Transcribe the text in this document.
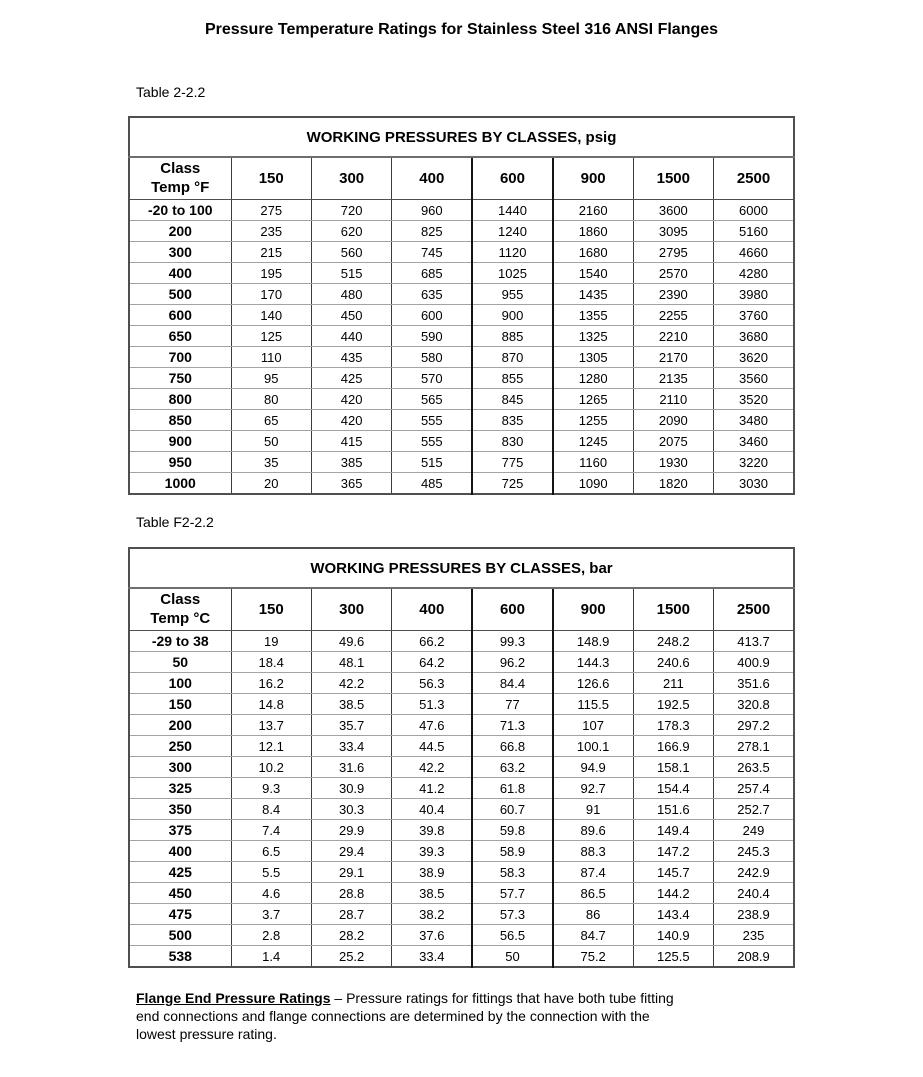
Pressure Temperature Ratings for Stainless Steel 316 ANSI Flanges
Table 2-2.2
WORKING PRESSURES BY CLASSES, psig							
Class
Temp °F	150	300	400	600	900	1500	2500
-20 to 100	275	720	960	1440	2160	3600	6000
200	235	620	825	1240	1860	3095	5160
300	215	560	745	1120	1680	2795	4660
400	195	515	685	1025	1540	2570	4280
500	170	480	635	955	1435	2390	3980
600	140	450	600	900	1355	2255	3760
650	125	440	590	885	1325	2210	3680
700	110	435	580	870	1305	2170	3620
750	95	425	570	855	1280	2135	3560
800	80	420	565	845	1265	2110	3520
850	65	420	555	835	1255	2090	3480
900	50	415	555	830	1245	2075	3460
950	35	385	515	775	1160	1930	3220
1000	20	365	485	725	1090	1820	3030
Table F2-2.2
WORKING PRESSURES BY CLASSES, bar							
Class
Temp °C	150	300	400	600	900	1500	2500
-29 to 38	19	49.6	66.2	99.3	148.9	248.2	413.7
50	18.4	48.1	64.2	96.2	144.3	240.6	400.9
100	16.2	42.2	56.3	84.4	126.6	211	351.6
150	14.8	38.5	51.3	77	115.5	192.5	320.8
200	13.7	35.7	47.6	71.3	107	178.3	297.2
250	12.1	33.4	44.5	66.8	100.1	166.9	278.1
300	10.2	31.6	42.2	63.2	94.9	158.1	263.5
325	9.3	30.9	41.2	61.8	92.7	154.4	257.4
350	8.4	30.3	40.4	60.7	91	151.6	252.7
375	7.4	29.9	39.8	59.8	89.6	149.4	249
400	6.5	29.4	39.3	58.9	88.3	147.2	245.3
425	5.5	29.1	38.9	58.3	87.4	145.7	242.9
450	4.6	28.8	38.5	57.7	86.5	144.2	240.4
475	3.7	28.7	38.2	57.3	86	143.4	238.9
500	2.8	28.2	37.6	56.5	84.7	140.9	235
538	1.4	25.2	33.4	50	75.2	125.5	208.9

Flange End Pressure Ratings – Pressure ratings for fittings that have both tube fitting
end connections and flange connections are determined by the connection with the
lowest pressure rating.
